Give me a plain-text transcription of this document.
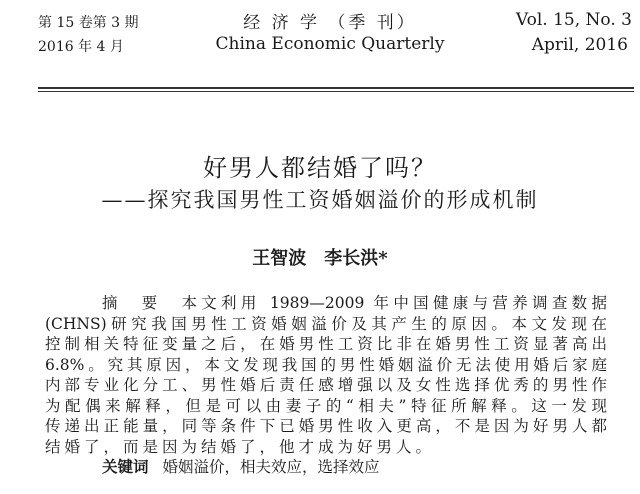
第 15 卷第 3 期
2016 年 4 月
经 济 学 （季 刊）
China Economic Quarterly
Vol. 15, No. 3
April, 2016
好男人都结婚了吗？
——探究我国男性工资婚姻溢价的形成机制
王智波　李长洪*
摘　要 本文利用 1989—2009 年中国健康与营养调查数据
(CHNS)研究我国男性工资婚姻溢价及其产生的原因。本文发现在
控制相关特征变量之后，在婚男性工资比非在婚男性工资显著高出
6.8%。究其原因，本文发现我国的男性婚姻溢价无法使用婚后家庭
内部专业化分工、男性婚后责任感增强以及女性选择优秀的男性作
为配偶来解释，但是可以由妻子的“相夫”特征所解释。这一发现
传递出正能量，同等条件下已婚男性收入更高，不是因为好男人都
结婚了，而是因为结婚了，他才成为好男人。
关键词 婚姻溢价，相夫效应，选择效应
